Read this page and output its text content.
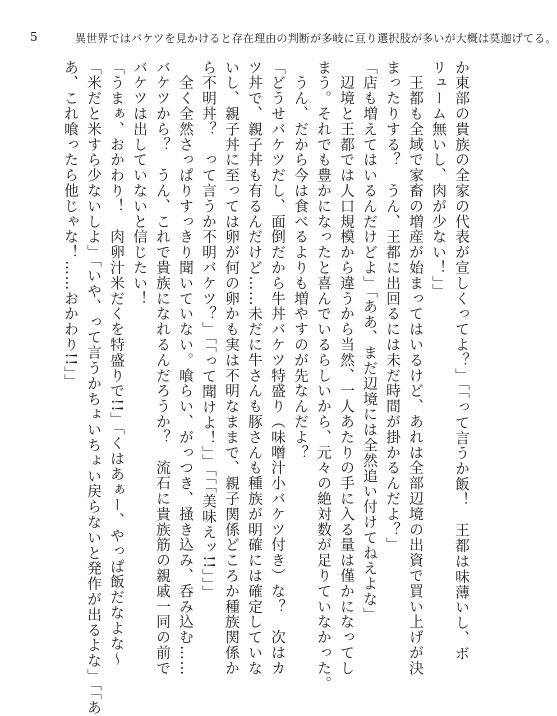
5	異世界ではバケツを見かけると存在理由の判断が多岐に亘り選択肢が多いが大概は莫迦げてる。
か東部の貴族の全家の代表が宣しくってよ？」「「って言うか飯！　王都は味薄いし、ボ
リューム無いし、肉が少ない！」」
　王都も全域で家畜の増産が始まってはいるけど、あれは全部辺境の出資で買い上げが決
まったりする？　うん、王都に出回るには未だ時間が掛かるんだよ？」
「店も増えてはいるんだけどよ」「ああ、まだ辺境には全然追い付けてねえよな」
　辺境と王都では人口規模から違うから当然、一人あたりの手に入る量は僅かになってし
まう。それでも豊かになったと喜んでいるらしいから、元々の絶対数が足りていなかった。
　うん、だから今は食べるよりも増やすのが先なんだよ？
「どうせバケツだし、面倒だから牛丼バケツ特盛り（味噌汁小バケツ付き）な？　次はカ
ツ丼で、親子丼も有るんだけど……未だに牛さんも豚さんも種族が明確には確定していな
いし、親子丼に至っては卵が何の卵かも実は不明なままで、親子関係どころか種族関係か
ら不明丼？　って言うか不明バケツ？」「「って聞けよ！」」「「「美味えッ!!」」」
　全く全然さっぱりすっきり聞いていない。喰らい、がっつき、掻き込み、呑み込む……
バケツから？　うん、これで貴族になれるんだろうか？　流石に貴族筋の親戚一同の前で
バケツは出していないと信じたい！
「うまぁ、おかわり！　肉卵汁米だくを特盛りで!!」「くはあぁー、やっぱ飯だなよな～
「米だと米すら少ないしよ」「いや、って言うかちょいちょい戻らないと発作が出るよな」「「あ
あ、これ喰ったら他じゃな！……おかわり!!」」
